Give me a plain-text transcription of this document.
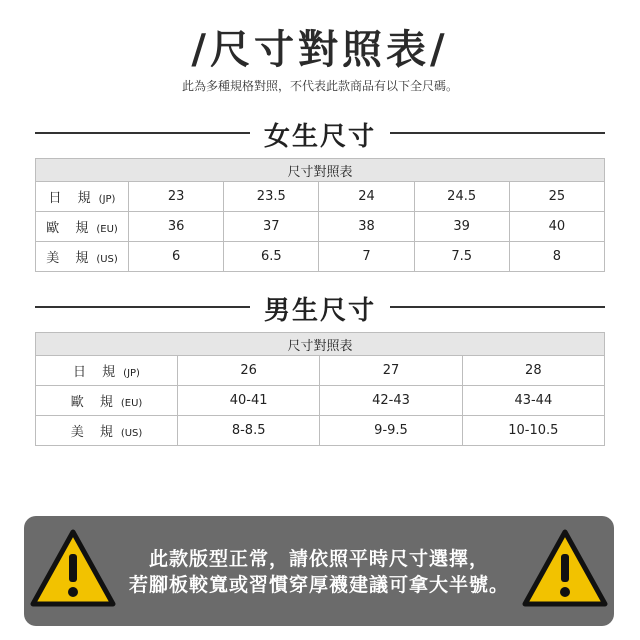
/尺寸對照表/
此為多種規格對照，不代表此款商品有以下全尺碼。
女生尺寸
尺寸對照表					
日 規 (JP)	23	23.5	24	24.5	25
歐 規 (EU)	36	37	38	39	40
美 規 (US)	6	6.5	7	7.5	8
男生尺寸
尺寸對照表			
日 規 (JP)	26	27	28
歐 規 (EU)	40-41	42-43	43-44
美 規 (US)	8-8.5	9-9.5	10-10.5
此款版型正常，請依照平時尺寸選擇，
若腳板較寬或習慣穿厚襪建議可拿大半號。
